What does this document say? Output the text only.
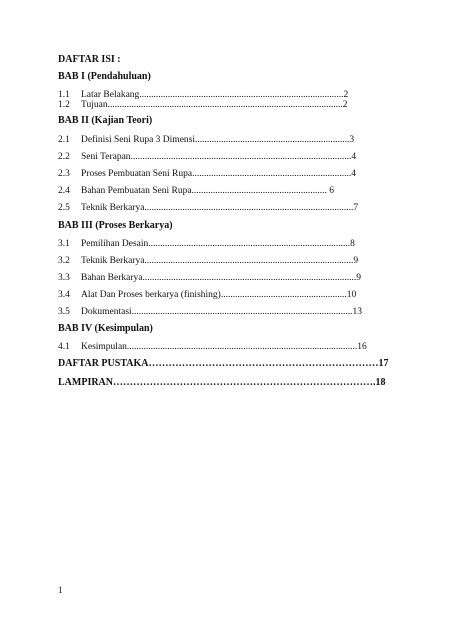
DAFTAR ISI :
BAB I (Pendahuluan)
1.1 Latar Belakang......................................................................................2
1.2 Tujuan...................................................................................................2
BAB II (Kajian Teori)
2.1 Definisi Seni Rupa 3 Dimensi.................................................................3
2.2 Seni Terapan.............................................................................................4
2.3 Proses Pembuatan Seni Rupa...................................................................4
2.4 Bahan Pembuatan Seni Rupa......................................................... 6
2.5 Teknik Berkarya........................................................................................7
BAB III (Proses Berkarya)
3.1 Pemilihan Desain.....................................................................................8
3.2 Teknik Berkarya........................................................................................9
3.3 Bahan Berkarya..........................................................................................9
3.4 Alat Dan Proses berkarya (finishing).....................................................10
3.5 Dokumentasi.............................................................................................13
BAB IV (Kesimpulan)
4.1 Kesimpulan.................................................................................................16
DAFTAR PUSTAKA……………………………………………………………17
LAMPIRAN…………………………………………………………………….18
1
